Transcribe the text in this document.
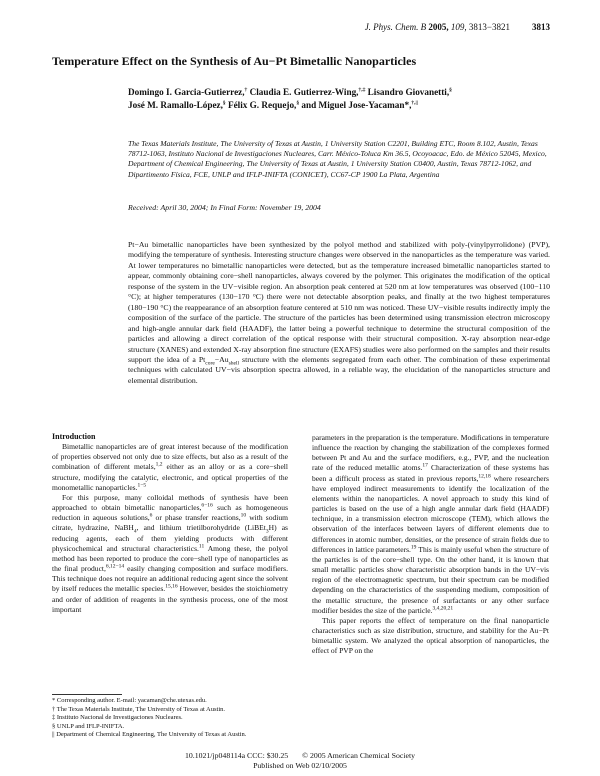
J. Phys. Chem. B 2005, 109, 3813−3821 3813
Temperature Effect on the Synthesis of Au−Pt Bimetallic Nanoparticles
Domingo I. Garcia-Gutierrez,† Claudia E. Gutierrez-Wing,†,‡ Lisandro Giovanetti,§
José M. Ramallo-López,§ Félix G. Requejo,§ and Miguel Jose-Yacaman*,†,||
The Texas Materials Institute, The University of Texas at Austin, 1 University Station C2201, Building ETC, Room 8.102, Austin, Texas 78712-1063, Instituto Nacional de Investigaciones Nucleares, Carr. México-Toluca Km 36.5, Ocoyoacac, Edo. de México 52045, Mexico, Department of Chemical Engineering, The University of Texas at Austin, 1 University Station C0400, Austin, Texas 78712-1062, and Dipartimento Física, FCE, UNLP and IFLP-INIFTA (CONICET), CC67-CP 1900 La Plata, Argentina
Received: April 30, 2004; In Final Form: November 19, 2004
Pt−Au bimetallic nanoparticles have been synthesized by the polyol method and stabilized with poly-(vinylpyrrolidone) (PVP), modifying the temperature of synthesis. Interesting structure changes were observed in the nanoparticles as the temperature was varied. At lower temperatures no bimetallic nanoparticles were detected, but as the temperature increased bimetallic nanoparticles started to appear, commonly obtaining core−shell nanoparticles, always covered by the polymer. This originates the modification of the optical response of the system in the UV−visible region. An absorption peak centered at 520 nm at low temperatures was observed (100−110 °C); at higher temperatures (130−170 °C) there were not detectable absorption peaks, and finally at the two highest temperatures (180−190 °C) the reappearance of an absorption feature centered at 510 nm was noticed. These UV−visible results indirectly imply the composition of the surface of the particle. The structure of the particles has been determined using transmission electron microscopy and high-angle annular dark field (HAADF), the latter being a powerful technique to determine the structural composition of the particles and allowing a direct correlation of the optical response with their structural composition. X-ray absorption near-edge structure (XANES) and extended X-ray absorption fine structure (EXAFS) studies were also performed on the samples and their results support the idea of a $Pt_{core}-Au_{shell}$ structure with the elements segregated from each other. The combination of these experimental techniques with calculated UV−vis absorption spectra allowed, in a reliable way, the elucidation of the nanoparticles structure and elemental distribution.

Introduction

Bimetallic nanoparticles are of great interest because of the modification of properties observed not only due to size effects, but also as a result of the combination of different metals,$^{1,2}$ either as an alloy or as a core−shell structure, modifying the catalytic, electronic, and optical properties of the monometallic nanoparticles.$^{1-5}$

For this purpose, many colloidal methods of synthesis have been approached to obtain bimetallic nanoparticles,$^{6-16}$ such as homogeneous reduction in aqueous solutions,$^6$ or phase transfer reactions,$^{10}$ with sodium citrate, hydrazine, NaBH$_4$, and lithium trietilborohydride (LiBEt$_3$H) as reducing agents, each of them yielding products with different physicochemical and structural characteristics.$^{11}$ Among these, the polyol method has been reported to produce the core−shell type of nanoparticles as the final product,$^{6,12-14}$ easily changing composition and surface modifiers. This technique does not require an additional reducing agent since the solvent by itself reduces the metallic species.$^{15,16}$ However, besides the stoichiometry and order of addition of reagents in the synthesis process, one of the most important

parameters in the preparation is the temperature. Modifications in temperature influence the reaction by changing the stabilization of the complexes formed between Pt and Au and the surface modifiers, e.g., PVP, and the nucleation rate of the reduced metallic atoms.$^{17}$ Characterization of these systems has been a difficult process as stated in previous reports,$^{12,18}$ where researchers have employed indirect measurements to identify the localization of the elements within the nanoparticles. A novel approach to study this kind of particles is based on the use of a high angle annular dark field (HAADF) technique, in a transmission electron microscope (TEM), which allows the observation of the interfaces between layers of different elements due to differences in atomic number, densities, or the presence of strain fields due to differences in lattice parameters.$^{19}$ This is mainly useful when the structure of the particles is of the core−shell type. On the other hand, it is known that small metallic particles show characteristic absorption bands in the UV−vis region of the electromagnetic spectrum, but their spectrum can be modified depending on the characteristics of the suspending medium, composition of the metallic structure, the presence of surfactants or any other surface modifier besides the size of the particle.$^{3,4,20,21}$

This paper reports the effect of temperature on the final nanoparticle characteristics such as size distribution, structure, and stability for the Au−Pt bimetallic system. We analyzed the optical absorption of nanoparticles, the effect of PVP on the

* Corresponding author. E-mail: yacaman@che.utexas.edu.
† The Texas Materials Institute, The University of Texas at Austin.
‡ Instituto Nacional de Investigaciones Nucleares.
§ UNLP and IFLP-INIFTA.
|| Department of Chemical Engineering, The University of Texas at Austin.
10.1021/jp048114a CCC: $30.25 © 2005 American Chemical Society
Published on Web 02/10/2005
